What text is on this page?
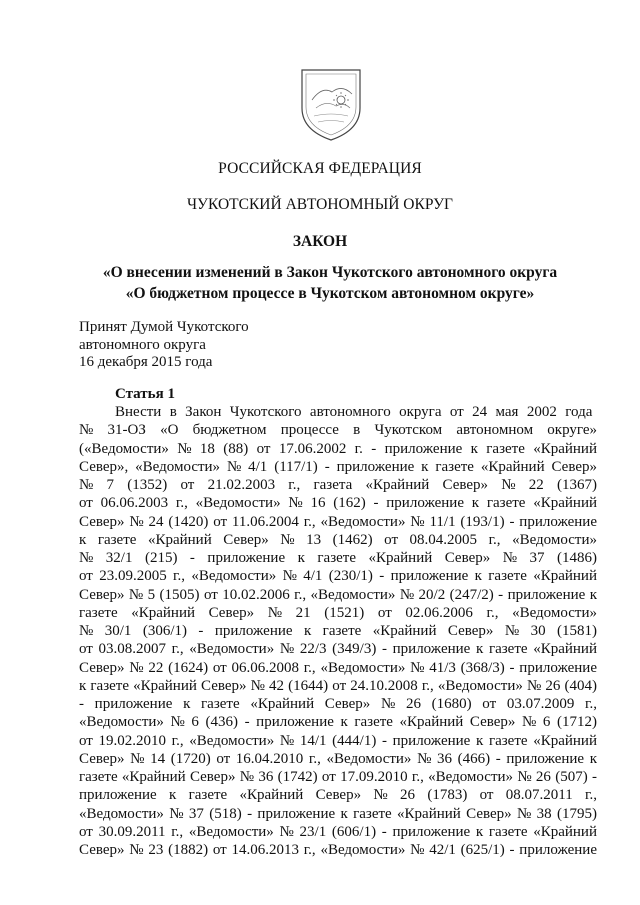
РОССИЙСКАЯ ФЕДЕРАЦИЯ
ЧУКОТСКИЙ АВТОНОМНЫЙ ОКРУГ
ЗАКОН
«О внесении изменений в Закон Чукотского автономного округа
«О бюджетном процессе в Чукотском автономном округе»
Принят Думой Чукотского
автономного округа
16 декабря 2015 года
Статья 1
Внести в Закон Чукотского автономного округа от 24 мая 2002 года
№ 31-ОЗ «О бюджетном процессе в Чукотском автономном округе»
(«Ведомости» № 18 (88) от 17.06.2002 г. - приложение к газете «Крайний
Север», «Ведомости» № 4/1 (117/1) - приложение к газете «Крайний Север»
№ 7 (1352) от 21.02.2003 г., газета «Крайний Север» № 22 (1367)
от 06.06.2003 г., «Ведомости» № 16 (162) - приложение к газете «Крайний
Север» № 24 (1420) от 11.06.2004 г., «Ведомости» № 11/1 (193/1) - приложение
к газете «Крайний Север» № 13 (1462) от 08.04.2005 г., «Ведомости»
№ 32/1 (215) - приложение к газете «Крайний Север» № 37 (1486)
от 23.09.2005 г., «Ведомости» № 4/1 (230/1) - приложение к газете «Крайний
Север» № 5 (1505) от 10.02.2006 г., «Ведомости» № 20/2 (247/2) - приложение к
газете «Крайний Север» № 21 (1521) от 02.06.2006 г., «Ведомости»
№ 30/1 (306/1) - приложение к газете «Крайний Север» № 30 (1581)
от 03.08.2007 г., «Ведомости» № 22/3 (349/3) - приложение к газете «Крайний
Север» № 22 (1624) от 06.06.2008 г., «Ведомости» № 41/3 (368/3) - приложение
к газете «Крайний Север» № 42 (1644) от 24.10.2008 г., «Ведомости» № 26 (404)
- приложение к газете «Крайний Север» № 26 (1680) от 03.07.2009 г.,
«Ведомости» № 6 (436) - приложение к газете «Крайний Север» № 6 (1712)
от 19.02.2010 г., «Ведомости» № 14/1 (444/1) - приложение к газете «Крайний
Север» № 14 (1720) от 16.04.2010 г., «Ведомости» № 36 (466) - приложение к
газете «Крайний Север» № 36 (1742) от 17.09.2010 г., «Ведомости» № 26 (507) -
приложение к газете «Крайний Север» № 26 (1783) от 08.07.2011 г.,
«Ведомости» № 37 (518) - приложение к газете «Крайний Север» № 38 (1795)
от 30.09.2011 г., «Ведомости» № 23/1 (606/1) - приложение к газете «Крайний
Север» № 23 (1882) от 14.06.2013 г., «Ведомости» № 42/1 (625/1) - приложение
